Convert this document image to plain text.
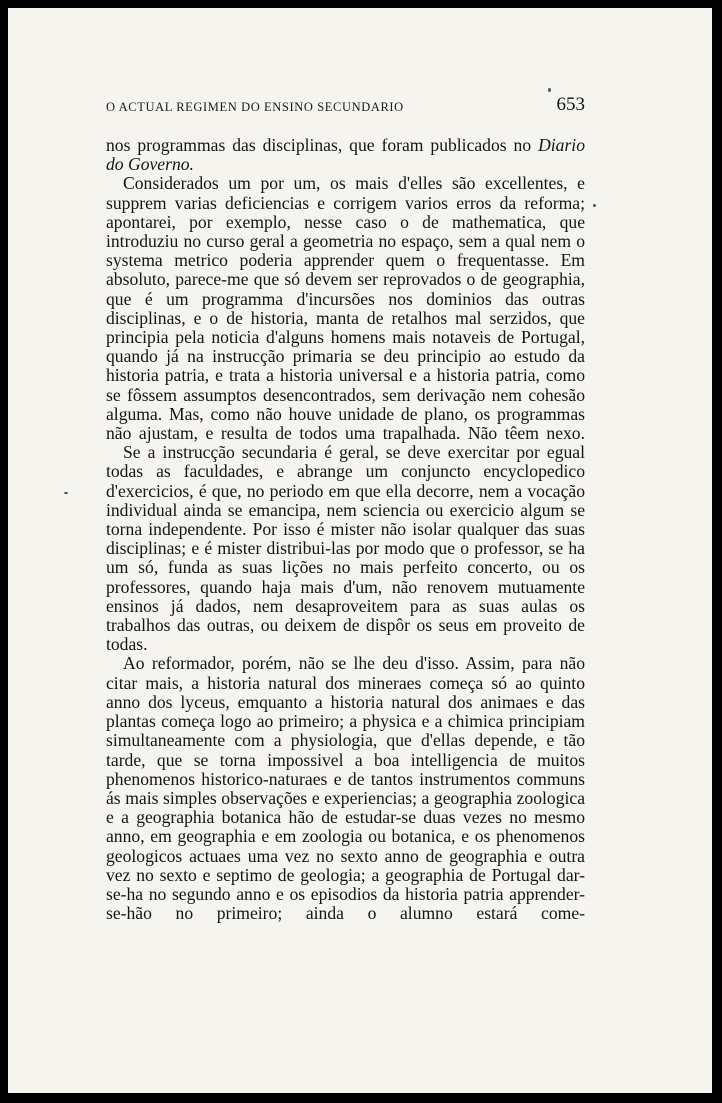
O ACTUAL REGIMEN DO ENSINO SECUNDARIO	653

nos programmas das disciplinas, que foram publicados no Diario do Governo.

Considerados um por um, os mais d'elles são excellentes, e supprem varias deficiencias e corrigem varios erros da reforma; apontarei, por exemplo, nesse caso o de mathematica, que introduziu no curso geral a geometria no espaço, sem a qual nem o systema metrico poderia apprender quem o frequentasse. Em absoluto, parece-me que só devem ser reprovados o de geographia, que é um programma d'incursões nos dominios das outras disciplinas, e o de historia, manta de retalhos mal serzidos, que principia pela noticia d'alguns homens mais notaveis de Portugal, quando já na instrucção primaria se deu principio ao estudo da historia patria, e trata a historia universal e a historia patria, como se fôssem assumptos desencontrados, sem derivação nem cohesão alguma. Mas, como não houve unidade de plano, os programmas não ajustam, e resulta de todos uma trapalhada. Não têem nexo.

Se a instrucção secundaria é geral, se deve exercitar por egual todas as faculdades, e abrange um conjuncto encyclopedico d'exercicios, é que, no periodo em que ella decorre, nem a vocação individual ainda se emancipa, nem sciencia ou exercicio algum se torna independente. Por isso é mister não isolar qualquer das suas disciplinas; e é mister distribui-las por modo que o professor, se ha um só, funda as suas lições no mais perfeito concerto, ou os professores, quando haja mais d'um, não renovem mutuamente ensinos já dados, nem desaproveitem para as suas aulas os trabalhos das outras, ou deixem de dispôr os seus em proveito de todas.

Ao reformador, porém, não se lhe deu d'isso. Assim, para não citar mais, a historia natural dos mineraes começa só ao quinto anno dos lyceus, emquanto a historia natural dos animaes e das plantas começa logo ao primeiro; a physica e a chimica principiam simultaneamente com a physiologia, que d'ellas depende, e tão tarde, que se torna impossivel a boa intelligencia de muitos phenomenos historico-naturaes e de tantos instrumentos communs ás mais simples observações e experiencias; a geographia zoologica e a geographia botanica hão de estudar-se duas vezes no mesmo anno, em geographia e em zoologia ou botanica, e os phenomenos geologicos actuaes uma vez no sexto anno de geographia e outra vez no sexto e septimo de geologia; a geographia de Portugal dar-se-ha no segundo anno e os episodios da historia patria apprender-se-hão no primeiro; ainda o alumno estará come-
